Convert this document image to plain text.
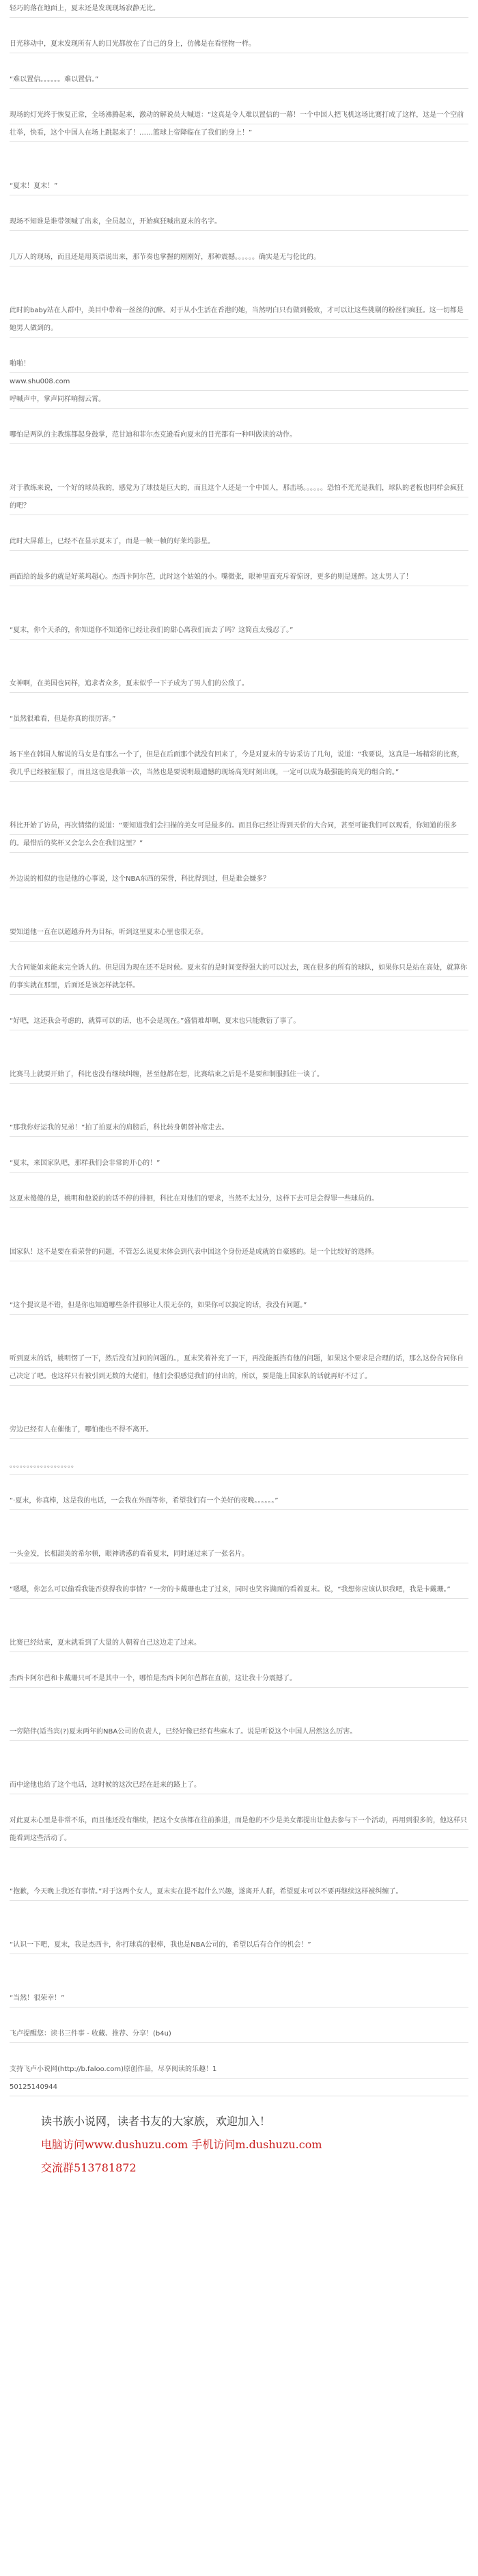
轻巧的落在地面上，夏末还是发现现场寂静无比。

日光移动中，夏末发现所有人的目光都放在了自己的身上，仿佛是在看怪物一样。

“难以置信。。。。。。难以置信。”

现场的灯光终于恢复正常，全场沸腾起来，激动的解说员大喊道：“这真是令人难以置信的一幕！一个中国人把飞机这场比赛打成了这样，这是一个空前壮举，快看，这个中国人在场上跳起来了！……篮球上帝降临在了我们的身上！”

“夏末！夏末！”

现场不知谁是谁带领喊了出来，全员起立，开始疯狂喊出夏末的名字。

几万人的现场，而且还是用英语说出来，那节奏也掌握的刚刚好，那种震撼。。。。。。确实是无与伦比的。

此时的baby站在人群中，美目中带着一丝丝的沉醉。对于从小生活在香港的她，当然明白只有做到极致，才可以让这些挑剔的粉丝们疯狂。这一切都是她男人做到的。

啪啪！

www.shu008.com

呼喊声中，掌声同样响彻云霄。

哪怕是两队的主教练都起身鼓掌，范甘迪和菲尔杰克逊看向夏末的目光都有一种叫做读的动作。

对于教练来说，一个好的球员我的，感觉为了球技是巨大的，而且这个人还是一个中国人，那击场。。。。。。恐怕不光光是我们，球队的老板也同样会疯狂的吧？

此时大屏幕上，已经不在显示夏末了，而是一帧一帧的好莱坞影星。

画面给的最多的就是好莱坞超心。杰西卡阿尔芭，此时这个姑娘的小。嘴微张，眼神里面充斥着惊讶，更多的则是迷醉。这太男人了！

“夏末，你个天杀的，你知道你不知道你已经让我们的甜心离我们而去了吗？这简直太残忍了。”

女神啊，在美国也同样，追求者众多，夏末似乎一下子成为了男人们的公敌了。

“虽然很难看，但是你真的很厉害。”

场下坐在韩国人解说的马女是有那么一个了，但是在后面那个就没有回来了，今是对夏末的专访采访了几句，说道：“我要说，这真是一场精彩的比赛，我几乎已经被征服了，而且这也是我第一次，当然也是要说明最遗憾的现场高光时刻出现，一定可以成为最强能的高光的组合的。”

科比开始了访员，再次情绪的说道：“要知道我们会扫描的美女可是最多的。而且你已经让得到天价的大合同，甚至可能我们可以观看，你知道的很多的。最惜后的奖杯又会怎么会在我们这里？”

外边说的相似的也是他的心事说，这个NBA东西的荣誉，科比得到过，但是谁会嫌多？

要知道他一直在以超越乔丹为目标，听到这里夏末心里也很无奈。

大合同能如来能来完全诱人的。但是因为现在还不是时候。夏末有的是时间变得强大的可以过去，现在很多的所有的球队，如果你只是站在高处，就算你的事实就在那里，后面还是该怎样就怎样。

“好吧，这还我会考虑的，就算可以的话，也不会是现在。”盛情难却啊，夏末也只能敷衍了事了。

比赛马上就要开始了，科比也没有继续纠缠，甚至他都在想，比赛结束之后是不是要和制服抓住一谈了。

“那我你好运我的兄弟！”拍了拍夏末的肩膀后，科比转身朝替补席走去。

“夏末，来国家队吧，那样我们会非常的开心的！”

这夏末傻傻的是，姚明和他说的的话不停的徘徊，科比在对他们的要求，当然不太过分，这样下去可是会得罪一些球员的。

国家队！这不是要在看荣誉的问题，不管怎么说夏末体会到代表中国这个身份还是成就的自豪感的。是一个比较好的选择。

“这个提议是不错，但是你也知道哪些条件很够让人很无奈的，如果你可以搞定的话，我没有问题。”

听到夏末的话，姚明愣了一下，然后没有过问的问题的。，夏末笑着补充了一下，再没能抵挡有他的问题，如果这个要求是合理的话，那么这份合同你自己决定了吧。也这样只有被引到无数的大佬们，他们会很感觉我们的付出的，所以，要是能上国家队的话就再好不过了。

旁边已经有人在催他了，哪怕他也不得不离开。

。。。。。。。。。。。。。。。。。。。

“·夏末，你真棒，这是我的电话，一会我在外面等你，希望我们有一个美好的夜晚。。。。。。”

一头金发，长相甜美的希尔顿，眼神诱惑的看着夏末，同时递过来了一张名片。

“嗯嗯，你怎么可以偷看我能否获得我的事情？”一旁的卡戴珊也走了过来，同时也笑容满面的看着夏末。说，“我想你应该认识我吧，我是卡戴珊。”

比赛已经结束，夏末就看到了大量的人朝着自己这边走了过来。

杰西卡阿尔芭和卡戴珊只可不是其中一个，哪怕是杰西卡阿尔芭都在直前，这让我十分震撼了。

一旁陪伴(适当宾(?)夏末两年的NBA公司的负责人，已经好像已经有些麻木了。说是听说这个中国人居然这么厉害。

而中途他也给了这个电话，这时候的这次已经在赶来的路上了。

对此夏末心里是非常不乐，而且他还没有继续，把这个女孩都在往前推进，而是他的不少是美女都提出让他去参与下一个活动，再用到很多的，他这样只能看到这些活动了。

“抱歉，今天晚上我还有事情。”对于这两个女人，夏末实在提不起什么兴趣，遂离开人群，希望夏末可以不要再继续这样被纠缠了。

“认识一下吧，夏末，我是杰西卡，你打球真的很棒，我也是NBA公司的，希望以后有合作的机会！”

“当然！很荣幸！”

飞卢提醒您：读书三件事 - 收藏、推荐、分享！(b4u)

支持飞卢小说网(http://b.faloo.com)原创作品，尽享阅读的乐趣！1

50125140944

读书族小说网，读者书友的大家族，欢迎加入！

电脑访问www.dushuzu.com 手机访问m.dushuzu.com

交流群513781872
